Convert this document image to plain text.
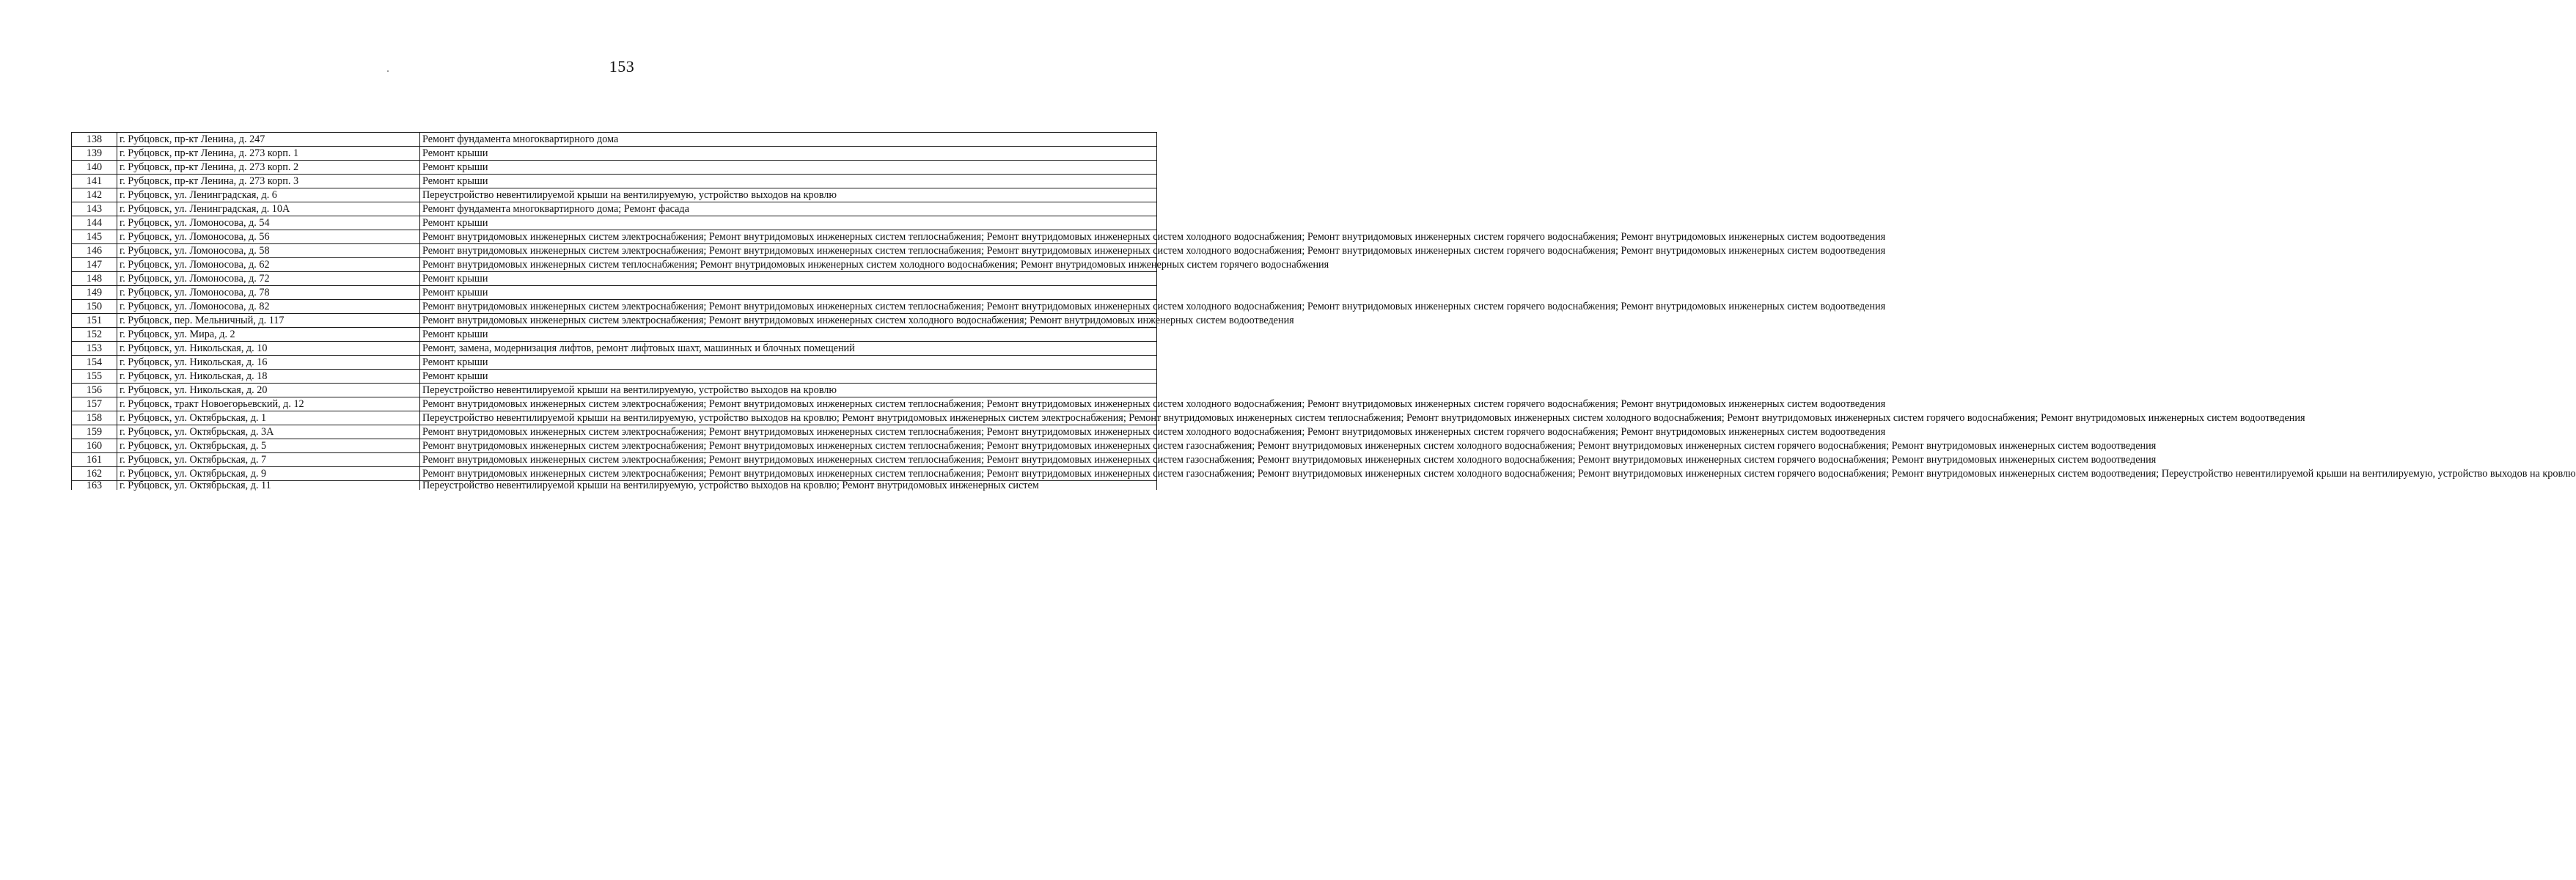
153
138	г. Рубцовск, пр-кт Ленина, д. 247	Ремонт фундамента многоквартирного дома
139	г. Рубцовск, пр-кт Ленина, д. 273 корп. 1	Ремонт крыши
140	г. Рубцовск, пр-кт Ленина, д. 273 корп. 2	Ремонт крыши
141	г. Рубцовск, пр-кт Ленина, д. 273 корп. 3	Ремонт крыши
142	г. Рубцовск, ул. Ленинградская, д. 6	Переустройство невентилируемой крыши на вентилируемую, устройство выходов на кровлю
143	г. Рубцовск, ул. Ленинградская, д. 10А	Ремонт фундамента многоквартирного дома; Ремонт фасада
144	г. Рубцовск, ул. Ломоносова, д. 54	Ремонт крыши
145	г. Рубцовск, ул. Ломоносова, д. 56	Ремонт внутридомовых инженерных систем электроснабжения; Ремонт внутридомовых инженерных систем теплоснабжения; Ремонт внутридомовых инженерных систем холодного водоснабжения; Ремонт внутридомовых инженерных систем горячего водоснабжения; Ремонт внутридомовых инженерных систем водоотведения
146	г. Рубцовск, ул. Ломоносова, д. 58	Ремонт внутридомовых инженерных систем электроснабжения; Ремонт внутридомовых инженерных систем теплоснабжения; Ремонт внутридомовых инженерных систем холодного водоснабжения; Ремонт внутридомовых инженерных систем горячего водоснабжения; Ремонт внутридомовых инженерных систем водоотведения
147	г. Рубцовск, ул. Ломоносова, д. 62	Ремонт внутридомовых инженерных систем теплоснабжения; Ремонт внутридомовых инженерных систем холодного водоснабжения; Ремонт внутридомовых инженерных систем горячего водоснабжения
148	г. Рубцовск, ул. Ломоносова, д. 72	Ремонт крыши
149	г. Рубцовск, ул. Ломоносова, д. 78	Ремонт крыши
150	г. Рубцовск, ул. Ломоносова, д. 82	Ремонт внутридомовых инженерных систем электроснабжения; Ремонт внутридомовых инженерных систем теплоснабжения; Ремонт внутридомовых инженерных систем холодного водоснабжения; Ремонт внутридомовых инженерных систем горячего водоснабжения; Ремонт внутридомовых инженерных систем водоотведения
151	г. Рубцовск, пер. Мельничный, д. 117	Ремонт внутридомовых инженерных систем электроснабжения; Ремонт внутридомовых инженерных систем холодного водоснабжения; Ремонт внутридомовых инженерных систем водоотведения
152	г. Рубцовск, ул. Мира, д. 2	Ремонт крыши
153	г. Рубцовск, ул. Никольская, д. 10	Ремонт, замена, модернизация лифтов, ремонт лифтовых шахт, машинных и блочных помещений
154	г. Рубцовск, ул. Никольская, д. 16	Ремонт крыши
155	г. Рубцовск, ул. Никольская, д. 18	Ремонт крыши
156	г. Рубцовск, ул. Никольская, д. 20	Переустройство невентилируемой крыши на вентилируемую, устройство выходов на кровлю
157	г. Рубцовск, тракт Новоегорьевский, д. 12	Ремонт внутридомовых инженерных систем электроснабжения; Ремонт внутридомовых инженерных систем теплоснабжения; Ремонт внутридомовых инженерных систем холодного водоснабжения; Ремонт внутридомовых инженерных систем горячего водоснабжения; Ремонт внутридомовых инженерных систем водоотведения
158	г. Рубцовск, ул. Октябрьская, д. 1	Переустройство невентилируемой крыши на вентилируемую, устройство выходов на кровлю; Ремонт внутридомовых инженерных систем электроснабжения; Ремонт внутридомовых инженерных систем теплоснабжения; Ремонт внутридомовых инженерных систем холодного водоснабжения; Ремонт внутридомовых инженерных систем горячего водоснабжения; Ремонт внутридомовых инженерных систем водоотведения
159	г. Рубцовск, ул. Октябрьская, д. 3А	Ремонт внутридомовых инженерных систем электроснабжения; Ремонт внутридомовых инженерных систем теплоснабжения; Ремонт внутридомовых инженерных систем холодного водоснабжения; Ремонт внутридомовых инженерных систем горячего водоснабжения; Ремонт внутридомовых инженерных систем водоотведения
160	г. Рубцовск, ул. Октябрьская, д. 5	Ремонт внутридомовых инженерных систем электроснабжения; Ремонт внутридомовых инженерных систем теплоснабжения; Ремонт внутридомовых инженерных систем газоснабжения; Ремонт внутридомовых инженерных систем холодного водоснабжения; Ремонт внутридомовых инженерных систем горячего водоснабжения; Ремонт внутридомовых инженерных систем водоотведения
161	г. Рубцовск, ул. Октябрьская, д. 7	Ремонт внутридомовых инженерных систем электроснабжения; Ремонт внутридомовых инженерных систем теплоснабжения; Ремонт внутридомовых инженерных систем газоснабжения; Ремонт внутридомовых инженерных систем холодного водоснабжения; Ремонт внутридомовых инженерных систем горячего водоснабжения; Ремонт внутридомовых инженерных систем водоотведения
162	г. Рубцовск, ул. Октябрьская, д. 9	Ремонт внутридомовых инженерных систем электроснабжения; Ремонт внутридомовых инженерных систем теплоснабжения; Ремонт внутридомовых инженерных систем газоснабжения; Ремонт внутридомовых инженерных систем холодного водоснабжения; Ремонт внутридомовых инженерных систем горячего водоснабжения; Ремонт внутридомовых инженерных систем водоотведения; Переустройство невентилируемой крыши на вентилируемую, устройство выходов на кровлю
163	г. Рубцовск, ул. Октябрьская, д. 11	Переустройство невентилируемой крыши на вентилируемую, устройство выходов на кровлю; Ремонт внутридомовых инженерных систем
